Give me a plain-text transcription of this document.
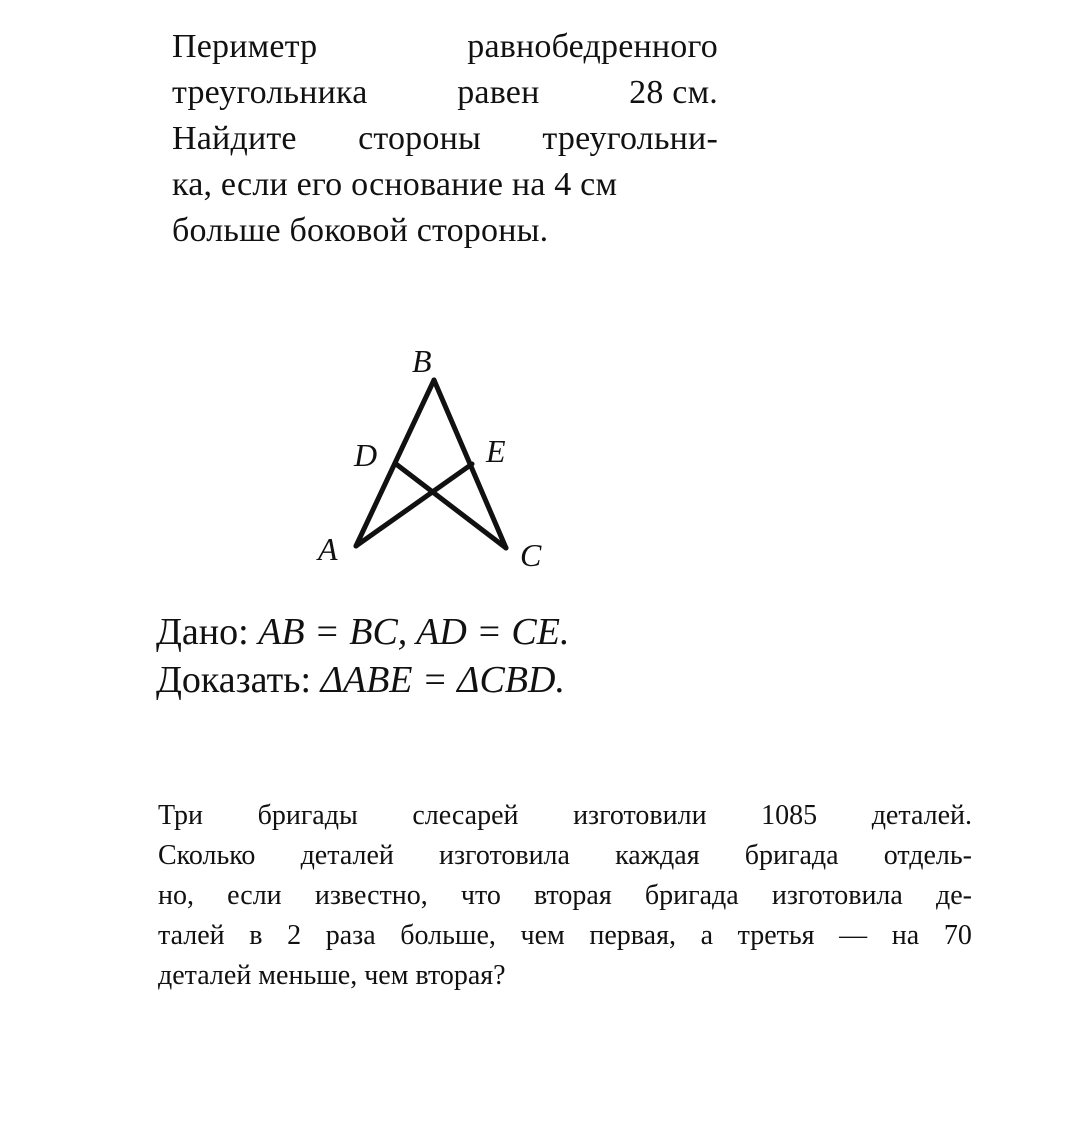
Периметр	равнобедренного
треугольника	равен	28 см.
Найдите стороны треугольни-
ка, если его основание на 4 см
больше боковой стороны.
B
D	E
A	C
Дано: AB = BC, AD = CE.
Доказать: ΔABE = ΔCBD.
Три бригады слесарей изготовили 1085 деталей.
Сколько деталей изготовила каждая бригада отдель-
но, если известно, что вторая бригада изготовила де-
талей в 2 раза больше, чем первая, а третья — на 70
деталей меньше, чем вторая?
